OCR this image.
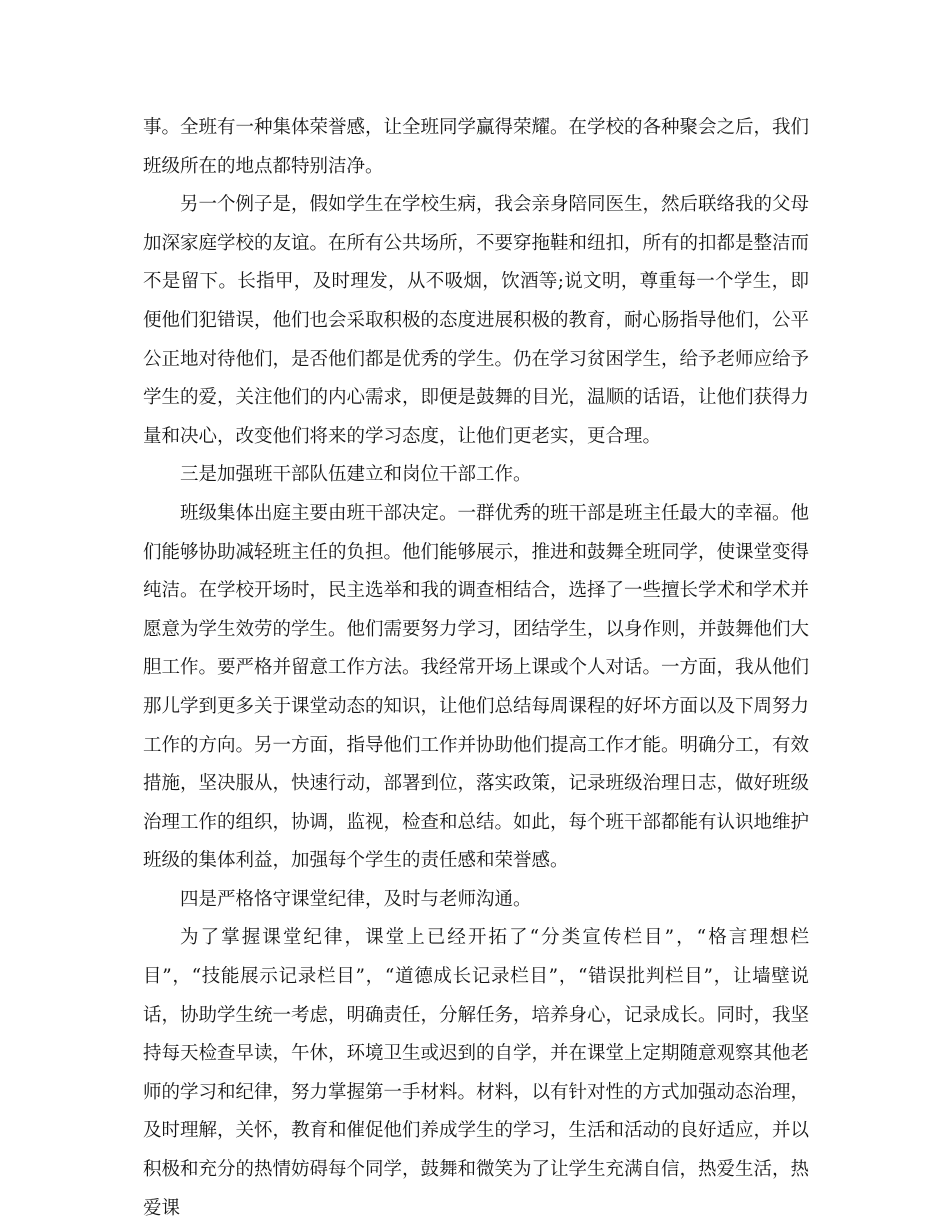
事。全班有一种集体荣誉感，让全班同学赢得荣耀。在学校的各种聚会之后，我们班级所在的地点都特别洁净。

另一个例子是，假如学生在学校生病，我会亲身陪同医生，然后联络我的父母加深家庭学校的友谊。在所有公共场所，不要穿拖鞋和纽扣，所有的扣都是整洁而不是留下。长指甲，及时理发，从不吸烟，饮酒等;说文明，尊重每一个学生，即便他们犯错误，他们也会采取积极的态度进展积极的教育，耐心肠指导他们，公平公正地对待他们，是否他们都是优秀的学生。仍在学习贫困学生，给予老师应给予学生的爱，关注他们的内心需求，即便是鼓舞的目光，温顺的话语，让他们获得力量和决心，改变他们将来的学习态度，让他们更老实，更合理。

三是加强班干部队伍建立和岗位干部工作。

班级集体出庭主要由班干部决定。一群优秀的班干部是班主任最大的幸福。他们能够协助减轻班主任的负担。他们能够展示，推进和鼓舞全班同学，使课堂变得纯洁。在学校开场时，民主选举和我的调查相结合，选择了一些擅长学术和学术并愿意为学生效劳的学生。他们需要努力学习，团结学生，以身作则，并鼓舞他们大胆工作。要严格并留意工作方法。我经常开场上课或个人对话。一方面，我从他们那儿学到更多关于课堂动态的知识，让他们总结每周课程的好坏方面以及下周努力工作的方向。另一方面，指导他们工作并协助他们提高工作才能。明确分工，有效措施，坚决服从，快速行动，部署到位，落实政策，记录班级治理日志，做好班级治理工作的组织，协调，监视，检查和总结。如此，每个班干部都能有认识地维护班级的集体利益，加强每个学生的责任感和荣誉感。

四是严格恪守课堂纪律，及时与老师沟通。

为了掌握课堂纪律，课堂上已经开拓了“分类宣传栏目”，“格言理想栏目”，“技能展示记录栏目”，“道德成长记录栏目”，“错误批判栏目”，让墙壁说话，协助学生统一考虑，明确责任，分解任务，培养身心，记录成长。同时，我坚持每天检查早读，午休，环境卫生或迟到的自学，并在课堂上定期随意观察其他老师的学习和纪律，努力掌握第一手材料。材料，以有针对性的方式加强动态治理，及时理解，关怀，教育和催促他们养成学生的学习，生活和活动的良好适应，并以积极和充分的热情妨碍每个同学，鼓舞和微笑为了让学生充满自信，热爱生活，热爱课
